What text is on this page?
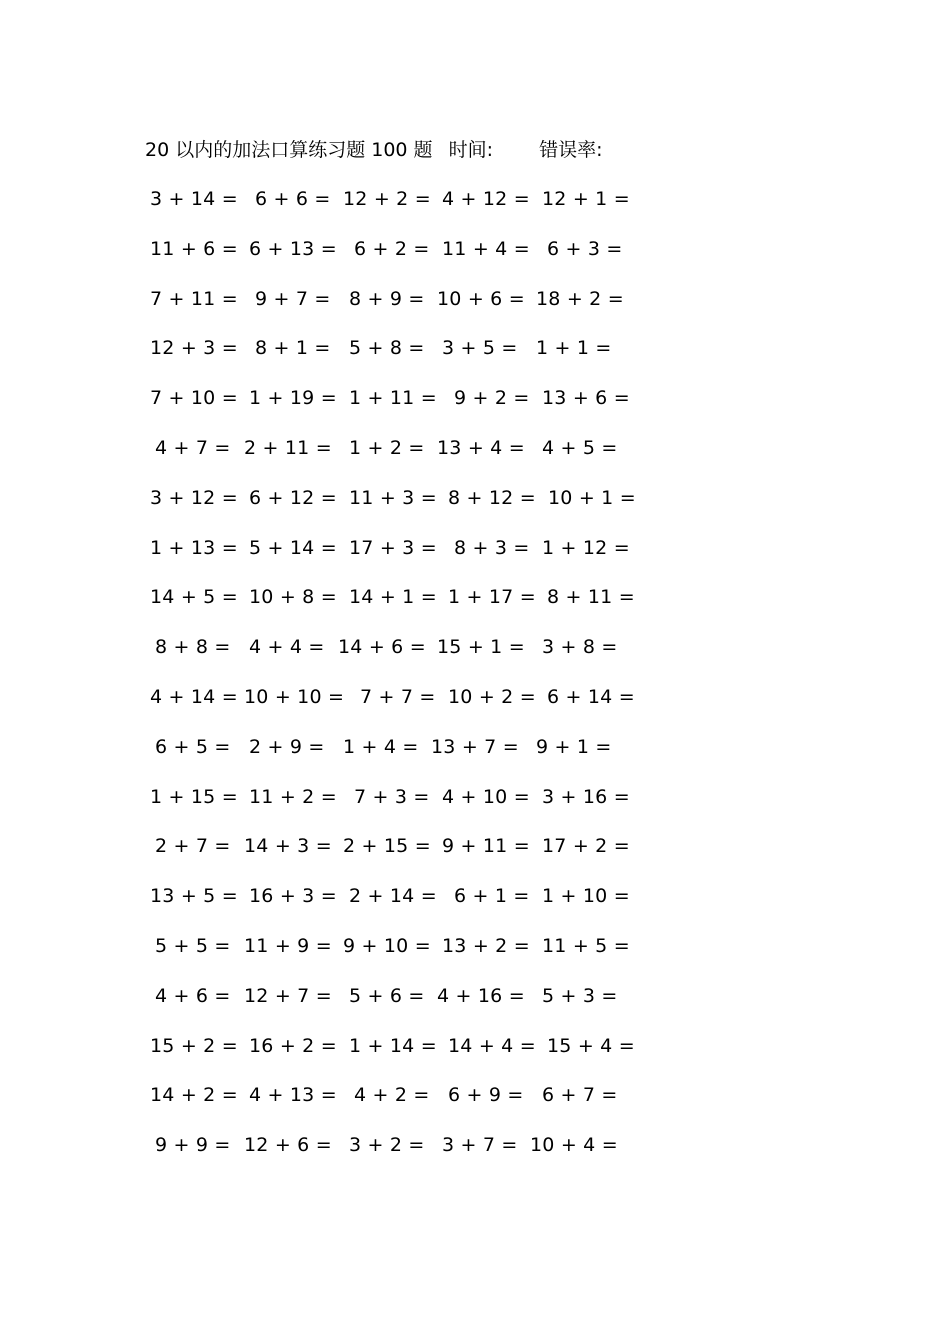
20 以内的加法口算练习题 100 题 时间: 错误率:
3 + 14 = 6 + 6 = 12 + 2 = 4 + 12 = 12 + 1 =
11 + 6 = 6 + 13 = 6 + 2 = 11 + 4 = 6 + 3 =
7 + 11 = 9 + 7 = 8 + 9 = 10 + 6 = 18 + 2 =
12 + 3 = 8 + 1 = 5 + 8 = 3 + 5 = 1 + 1 =
7 + 10 = 1 + 19 = 1 + 11 = 9 + 2 = 13 + 6 =
4 + 7 = 2 + 11 = 1 + 2 = 13 + 4 = 4 + 5 =
3 + 12 = 6 + 12 = 11 + 3 = 8 + 12 = 10 + 1 =
1 + 13 = 5 + 14 = 17 + 3 = 8 + 3 = 1 + 12 =
14 + 5 = 10 + 8 = 14 + 1 = 1 + 17 = 8 + 11 =
8 + 8 = 4 + 4 = 14 + 6 = 15 + 1 = 3 + 8 =
4 + 14 = 10 + 10 = 7 + 7 = 10 + 2 = 6 + 14 =
6 + 5 = 2 + 9 = 1 + 4 = 13 + 7 = 9 + 1 =
1 + 15 = 11 + 2 = 7 + 3 = 4 + 10 = 3 + 16 =
2 + 7 = 14 + 3 = 2 + 15 = 9 + 11 = 17 + 2 =
13 + 5 = 16 + 3 = 2 + 14 = 6 + 1 = 1 + 10 =
5 + 5 = 11 + 9 = 9 + 10 = 13 + 2 = 11 + 5 =
4 + 6 = 12 + 7 = 5 + 6 = 4 + 16 = 5 + 3 =
15 + 2 = 16 + 2 = 1 + 14 = 14 + 4 = 15 + 4 =
14 + 2 = 4 + 13 = 4 + 2 = 6 + 9 = 6 + 7 =
9 + 9 = 12 + 6 = 3 + 2 = 3 + 7 = 10 + 4 =
